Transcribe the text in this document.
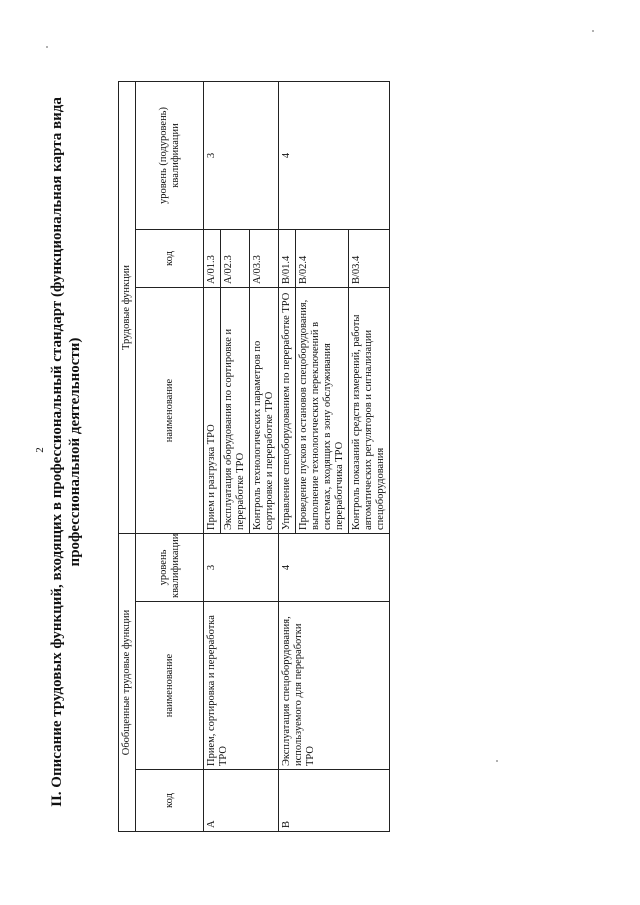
2 II. Описание трудовых функций, входящих в профессиональный стандарт (функциональная карта вида профессиональной деятельности)
Обобщенные трудовые функции			Трудовые функции		
код	наименование	уровень квалификации	наименование	код	уровень (подуровень) квалификации
А	Прием, сортировка и переработка ТРО	3	Прием и разгрузка ТРО	А/01.3	3
			Эксплуатация оборудования по сортировке и переработке ТРО	А/02.3	
			Контроль технологических параметров по сортировке и переработке ТРО	А/03.3	
В	Эксплуатация спецоборудования, используемого для переработки ТРО	4	Управление спецоборудованием по переработке ТРО	В/01.4	4
			Проведение пусков и остановов спецоборудования, выполнение технологических переключений в системах, входящих в зону обслуживания переработчика ТРО	В/02.4	
			Контроль показаний средств измерений, работы автоматических регуляторов и сигнализации спецоборудования	В/03.4	
